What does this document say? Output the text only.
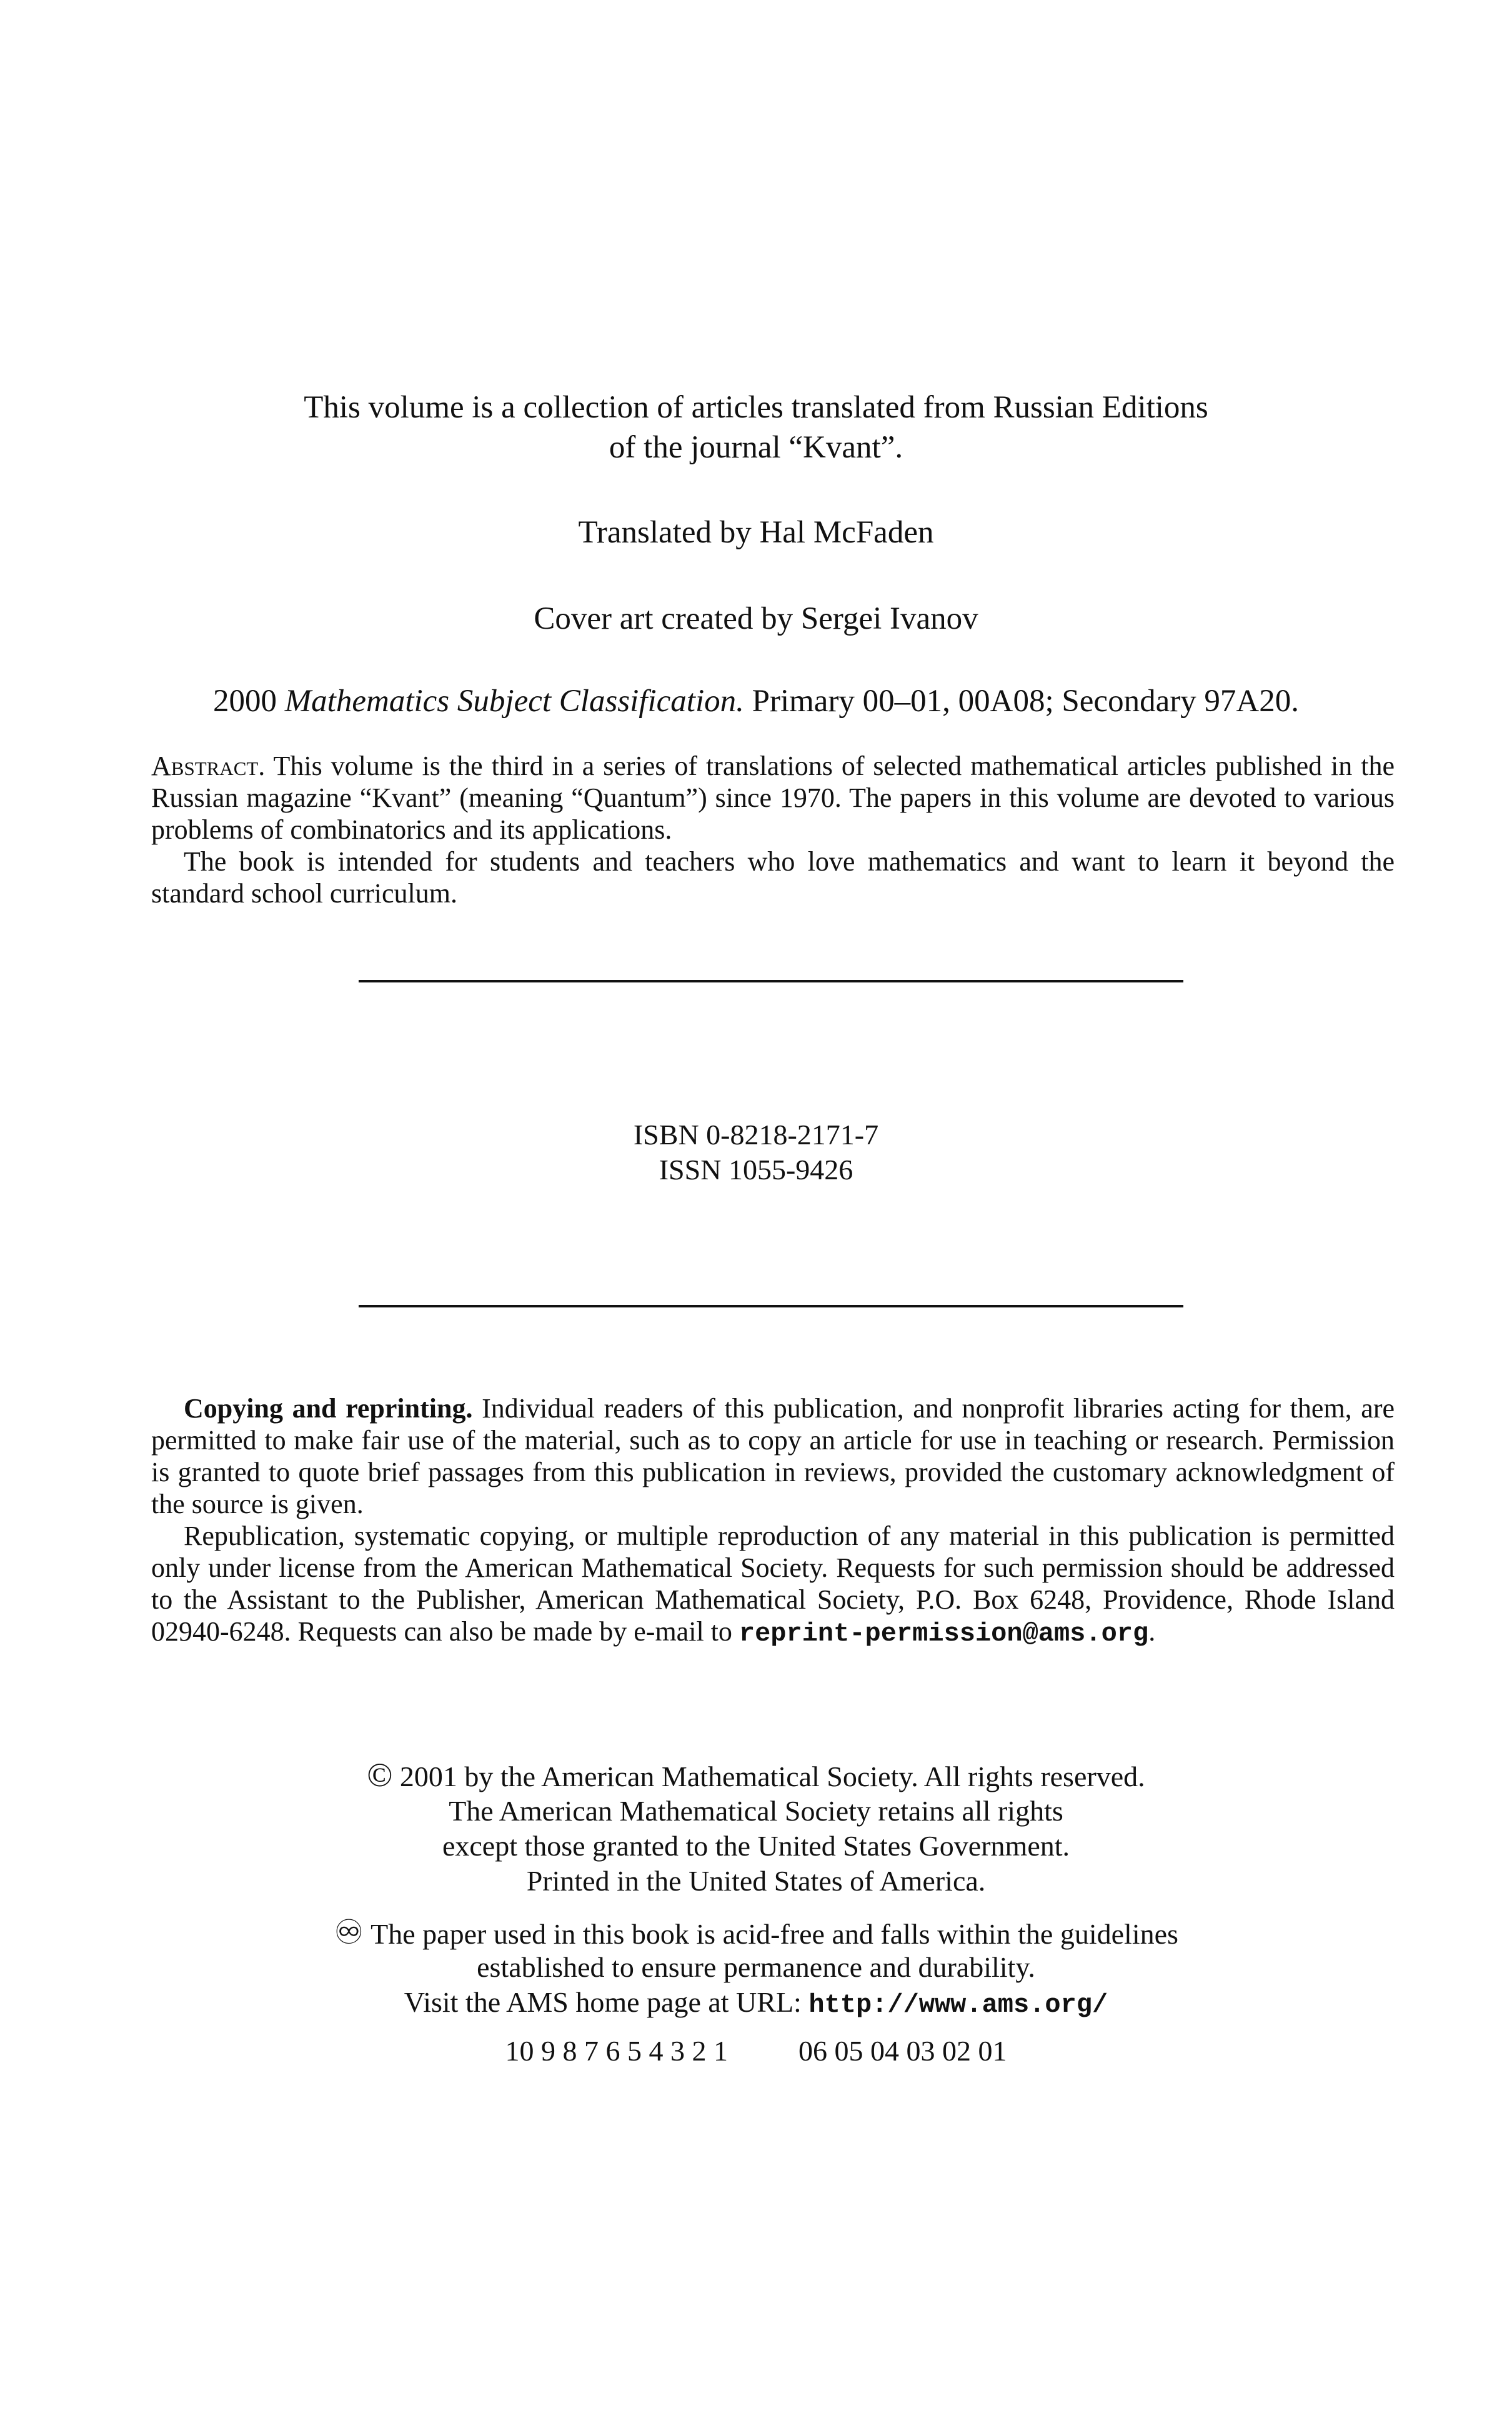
This volume is a collection of articles translated from Russian Editions
of the journal “Kvant”.
Translated by Hal McFaden
Cover art created by Sergei Ivanov
2000 Mathematics Subject Classification. Primary 00–01, 00A08; Secondary 97A20.

Abstract. This volume is the third in a series of translations of selected mathematical articles published in the Russian magazine “Kvant” (meaning “Quantum”) since 1970. The papers in this volume are devoted to various problems of combinatorics and its applications.

The book is intended for students and teachers who love mathematics and want to learn it beyond the standard school curriculum.

ISBN 0-8218-2171-7
ISSN 1055-9426

Copying and reprinting. Individual readers of this publication, and nonprofit libraries acting for them, are permitted to make fair use of the material, such as to copy an article for use in teaching or research. Permission is granted to quote brief passages from this publication in reviews, provided the customary acknowledgment of the source is given.

Republication, systematic copying, or multiple reproduction of any material in this publication is permitted only under license from the American Mathematical Society. Requests for such permission should be addressed to the Assistant to the Publisher, American Mathematical Society, P.O. Box 6248, Providence, Rhode Island 02940-6248. Requests can also be made by e-mail to reprint-permission@ams.org.

© 2001 by the American Mathematical Society. All rights reserved.
The American Mathematical Society retains all rights
except those granted to the United States Government.
Printed in the United States of America.
♾ The paper used in this book is acid-free and falls within the guidelines
established to ensure permanence and durability.
Visit the AMS home page at URL: http://www.ams.org/
10 9 8 7 6 5 4 3 2 1 06 05 04 03 02 01
